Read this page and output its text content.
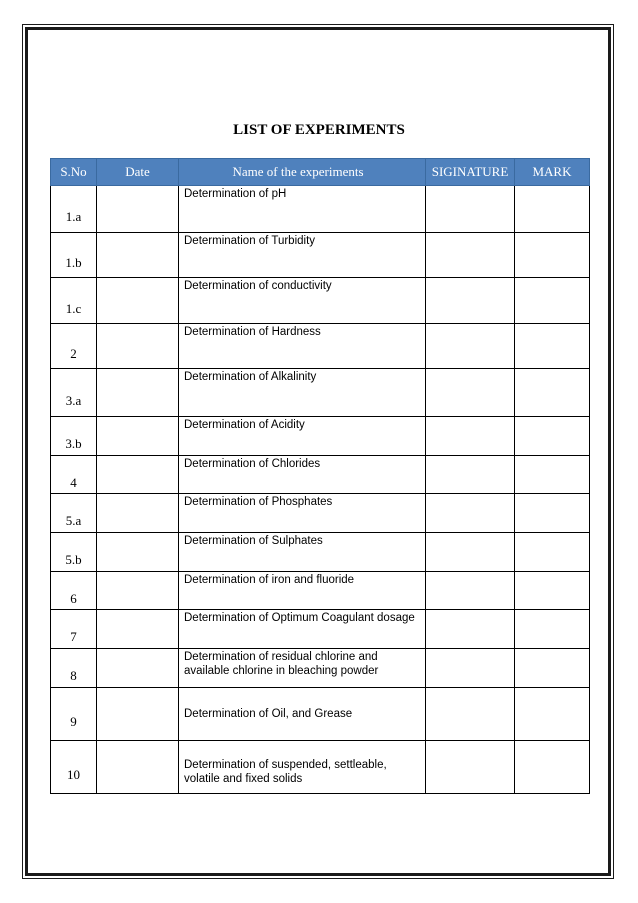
LIST OF EXPERIMENTS
S.No	Date	Name of the experiments	SIGINATURE	MARK
1.a		Determination of pH		
1.b		Determination of Turbidity		
1.c		Determination of conductivity		
2		Determination of Hardness		
3.a		Determination of Alkalinity		
3.b		Determination of Acidity		
4		Determination of Chlorides		
5.a		Determination of Phosphates		
5.b		Determination of Sulphates		
6		Determination of iron and fluoride		
7		Determination of Optimum Coagulant dosage		
8		Determination of residual chlorine and available chlorine in bleaching powder		
9		Determination of Oil, and Grease		
10		Determination of suspended, settleable, volatile and fixed solids		
